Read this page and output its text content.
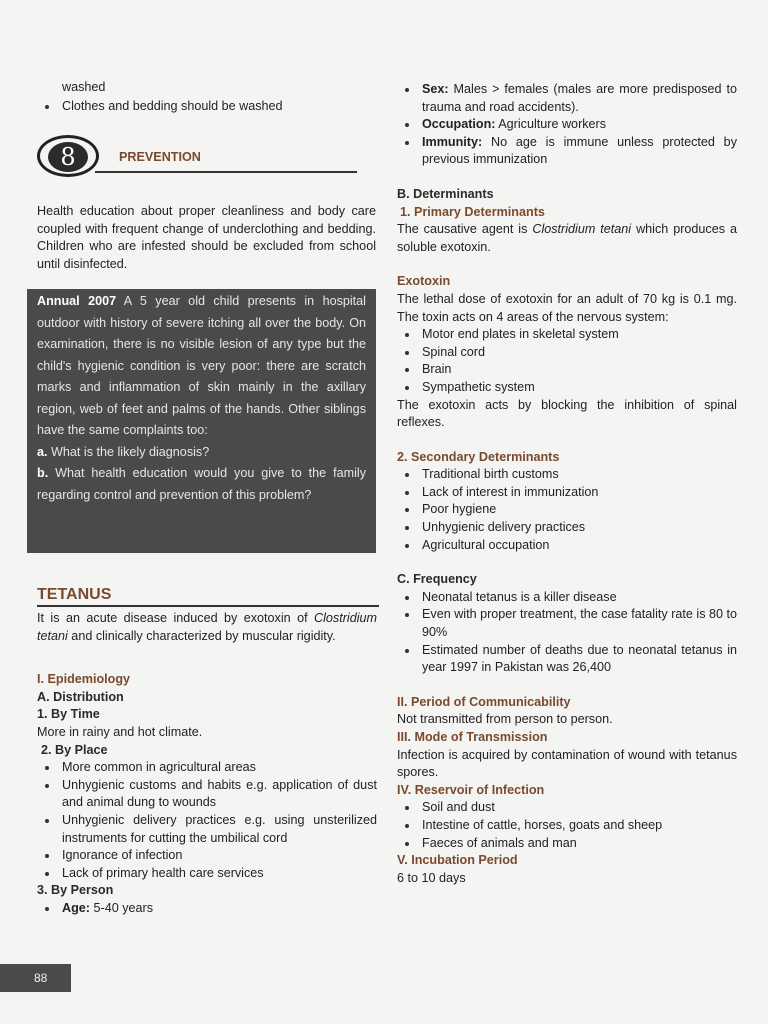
washed

Clothes and bedding should be washed
8	PREVENTION

Health education about proper cleanliness and body care coupled with frequent change of underclothing and bedding. Children who are infested should be excluded from school until disinfected.

Annual 2007 A 5 year old child presents in hospital outdoor with history of severe itching all over the body. On examination, there is no visible lesion of any type but the child's hygienic condition is very poor: there are scratch marks and inflammation of skin mainly in the axillary region, web of feet and palms of the hands. Other siblings have the same complaints too:
a. What is the likely diagnosis?
b. What health education would you give to the family regarding control and prevention of this problem?
TETANUS

It is an acute disease induced by exotoxin of Clostridium tetani and clinically characterized by muscular rigidity.

I. Epidemiology

A. Distribution

1. By Time

More in rainy and hot climate.

2. By Place

More common in agricultural areas
Unhygienic customs and habits e.g. application of dust and animal dung to wounds
Unhygienic delivery practices e.g. using unsterilized instruments for cutting the umbilical cord
Ignorance of infection
Lack of primary health care services

3. By Person

Age: 5-40 years
Sex: Males > females (males are more predisposed to trauma and road accidents).
Occupation: Agriculture workers
Immunity: No age is immune unless protected by previous immunization

B. Determinants

1. Primary Determinants

The causative agent is Clostridium tetani which produces a soluble exotoxin.

Exotoxin

The lethal dose of exotoxin for an adult of 70 kg is 0.1 mg. The toxin acts on 4 areas of the nervous system:

Motor end plates in skeletal system
Spinal cord
Brain
Sympathetic system

The exotoxin acts by blocking the inhibition of spinal reflexes.

2. Secondary Determinants

Traditional birth customs
Lack of interest in immunization
Poor hygiene
Unhygienic delivery practices
Agricultural occupation

C. Frequency

Neonatal tetanus is a killer disease
Even with proper treatment, the case fatality rate is 80 to 90%
Estimated number of deaths due to neonatal tetanus in year 1997 in Pakistan was 26,400

II. Period of Communicability

Not transmitted from person to person.

III. Mode of Transmission

Infection is acquired by contamination of wound with tetanus spores.

IV. Reservoir of Infection

Soil and dust
Intestine of cattle, horses, goats and sheep
Faeces of animals and man

V. Incubation Period

6 to 10 days

88
